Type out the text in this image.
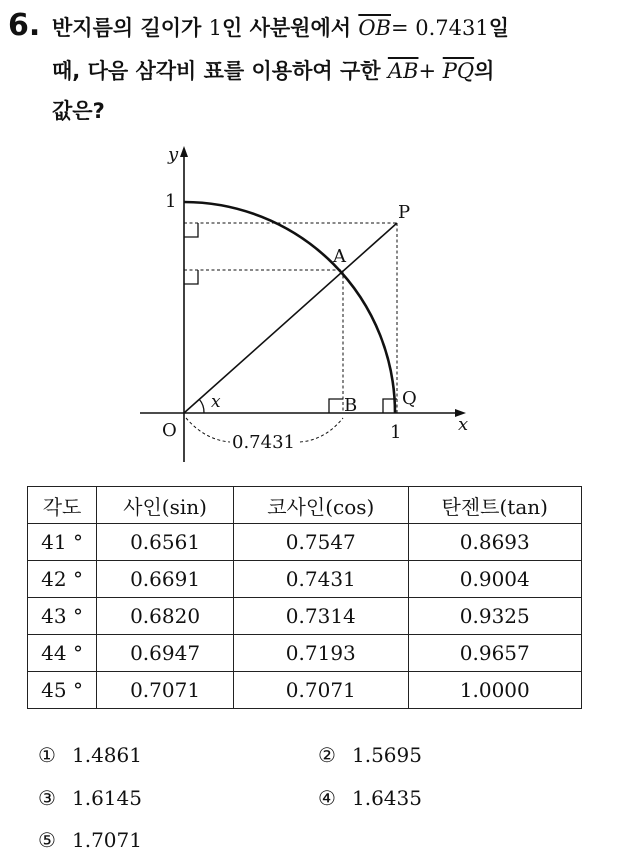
6. 반지름의 길이가 1인 사분원에서 $\overline{OB}= 0.7431$일
때, 다음 삼각비 표를 이용하여 구한 $\overline{AB}+ \overline{PQ}$의
값은?
y
x
O
1
1
P
A
B Q
x
0.7431
각도	사인(sin)	코사인(cos)	탄젠트(tan)
41 °	0.6561	0.7547	0.8693
42 °	0.6691	0.7431	0.9004
43 °	0.6820	0.7314	0.9325
44 °	0.6947	0.7193	0.9657
45 °	0.7071	0.7071	1.0000
① 1.4861	② 1.5695
③ 1.6145	④ 1.6435
⑤ 1.7071
